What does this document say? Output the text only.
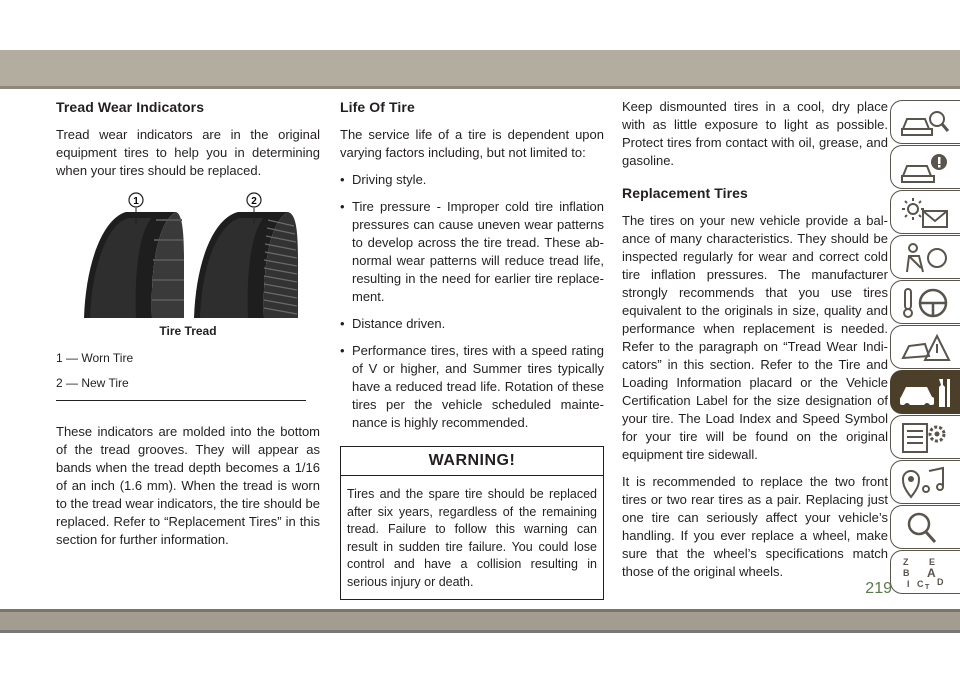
Tread Wear Indicators

Tread wear indicators are in the original equipment tires to help you in determining when your tires should be replaced.

1	2
Tire Tread

1 — Worn Tire

2 — New Tire

These indicators are molded into the bottom of the tread grooves. They will appear as bands when the tread depth becomes a 1/16 of an inch (1.6 mm). When the tread is worn to the tread wear indicators, the tire should be replaced. Refer to “Replacement Tires” in this section for further information.

Life Of Tire

The service life of a tire is dependent upon varying factors including, but not limited to:

• Driving style.
• Tire pressure - Improper cold tire inflation pressures can cause uneven wear patterns to develop across the tire tread. These abnormal wear patterns will reduce tread life, resulting in the need for earlier tire replacement.
• Distance driven.
• Performance tires, tires with a speed rating of V or higher, and Summer tires typically have a reduced tread life. Rotation of these tires per the vehicle scheduled maintenance is highly recommended.
WARNING!
Tires and the spare tire should be replaced after six years, regardless of the remaining tread. Failure to follow this warning can result in sudden tire failure. You could lose control and have a collision resulting in serious injury or death.

Keep dismounted tires in a cool, dry place with as little exposure to light as possible. Protect tires from contact with oil, grease, and gasoline.

Replacement Tires

The tires on your new vehicle provide a balance of many characteristics. They should be inspected regularly for wear and correct cold tire inflation pressures. The manufacturer strongly recommends that you use tires equivalent to the originals in size, quality and performance when replacement is needed. Refer to the paragraph on “Tread Wear Indicators” in this section. Refer to the Tire and Loading Information placard or the Vehicle Certification Label for the size designation of your tire. The Load Index and Speed Symbol for your tire will be found on the original equipment tire sidewall.

It is recommended to replace the two front tires or two rear tires as a pair. Replacing just one tire can seriously affect your vehicle’s handling. If you ever replace a wheel, make sure that the wheel’s specifications match those of the original wheels.

Z E
B A
I C D
T
219
